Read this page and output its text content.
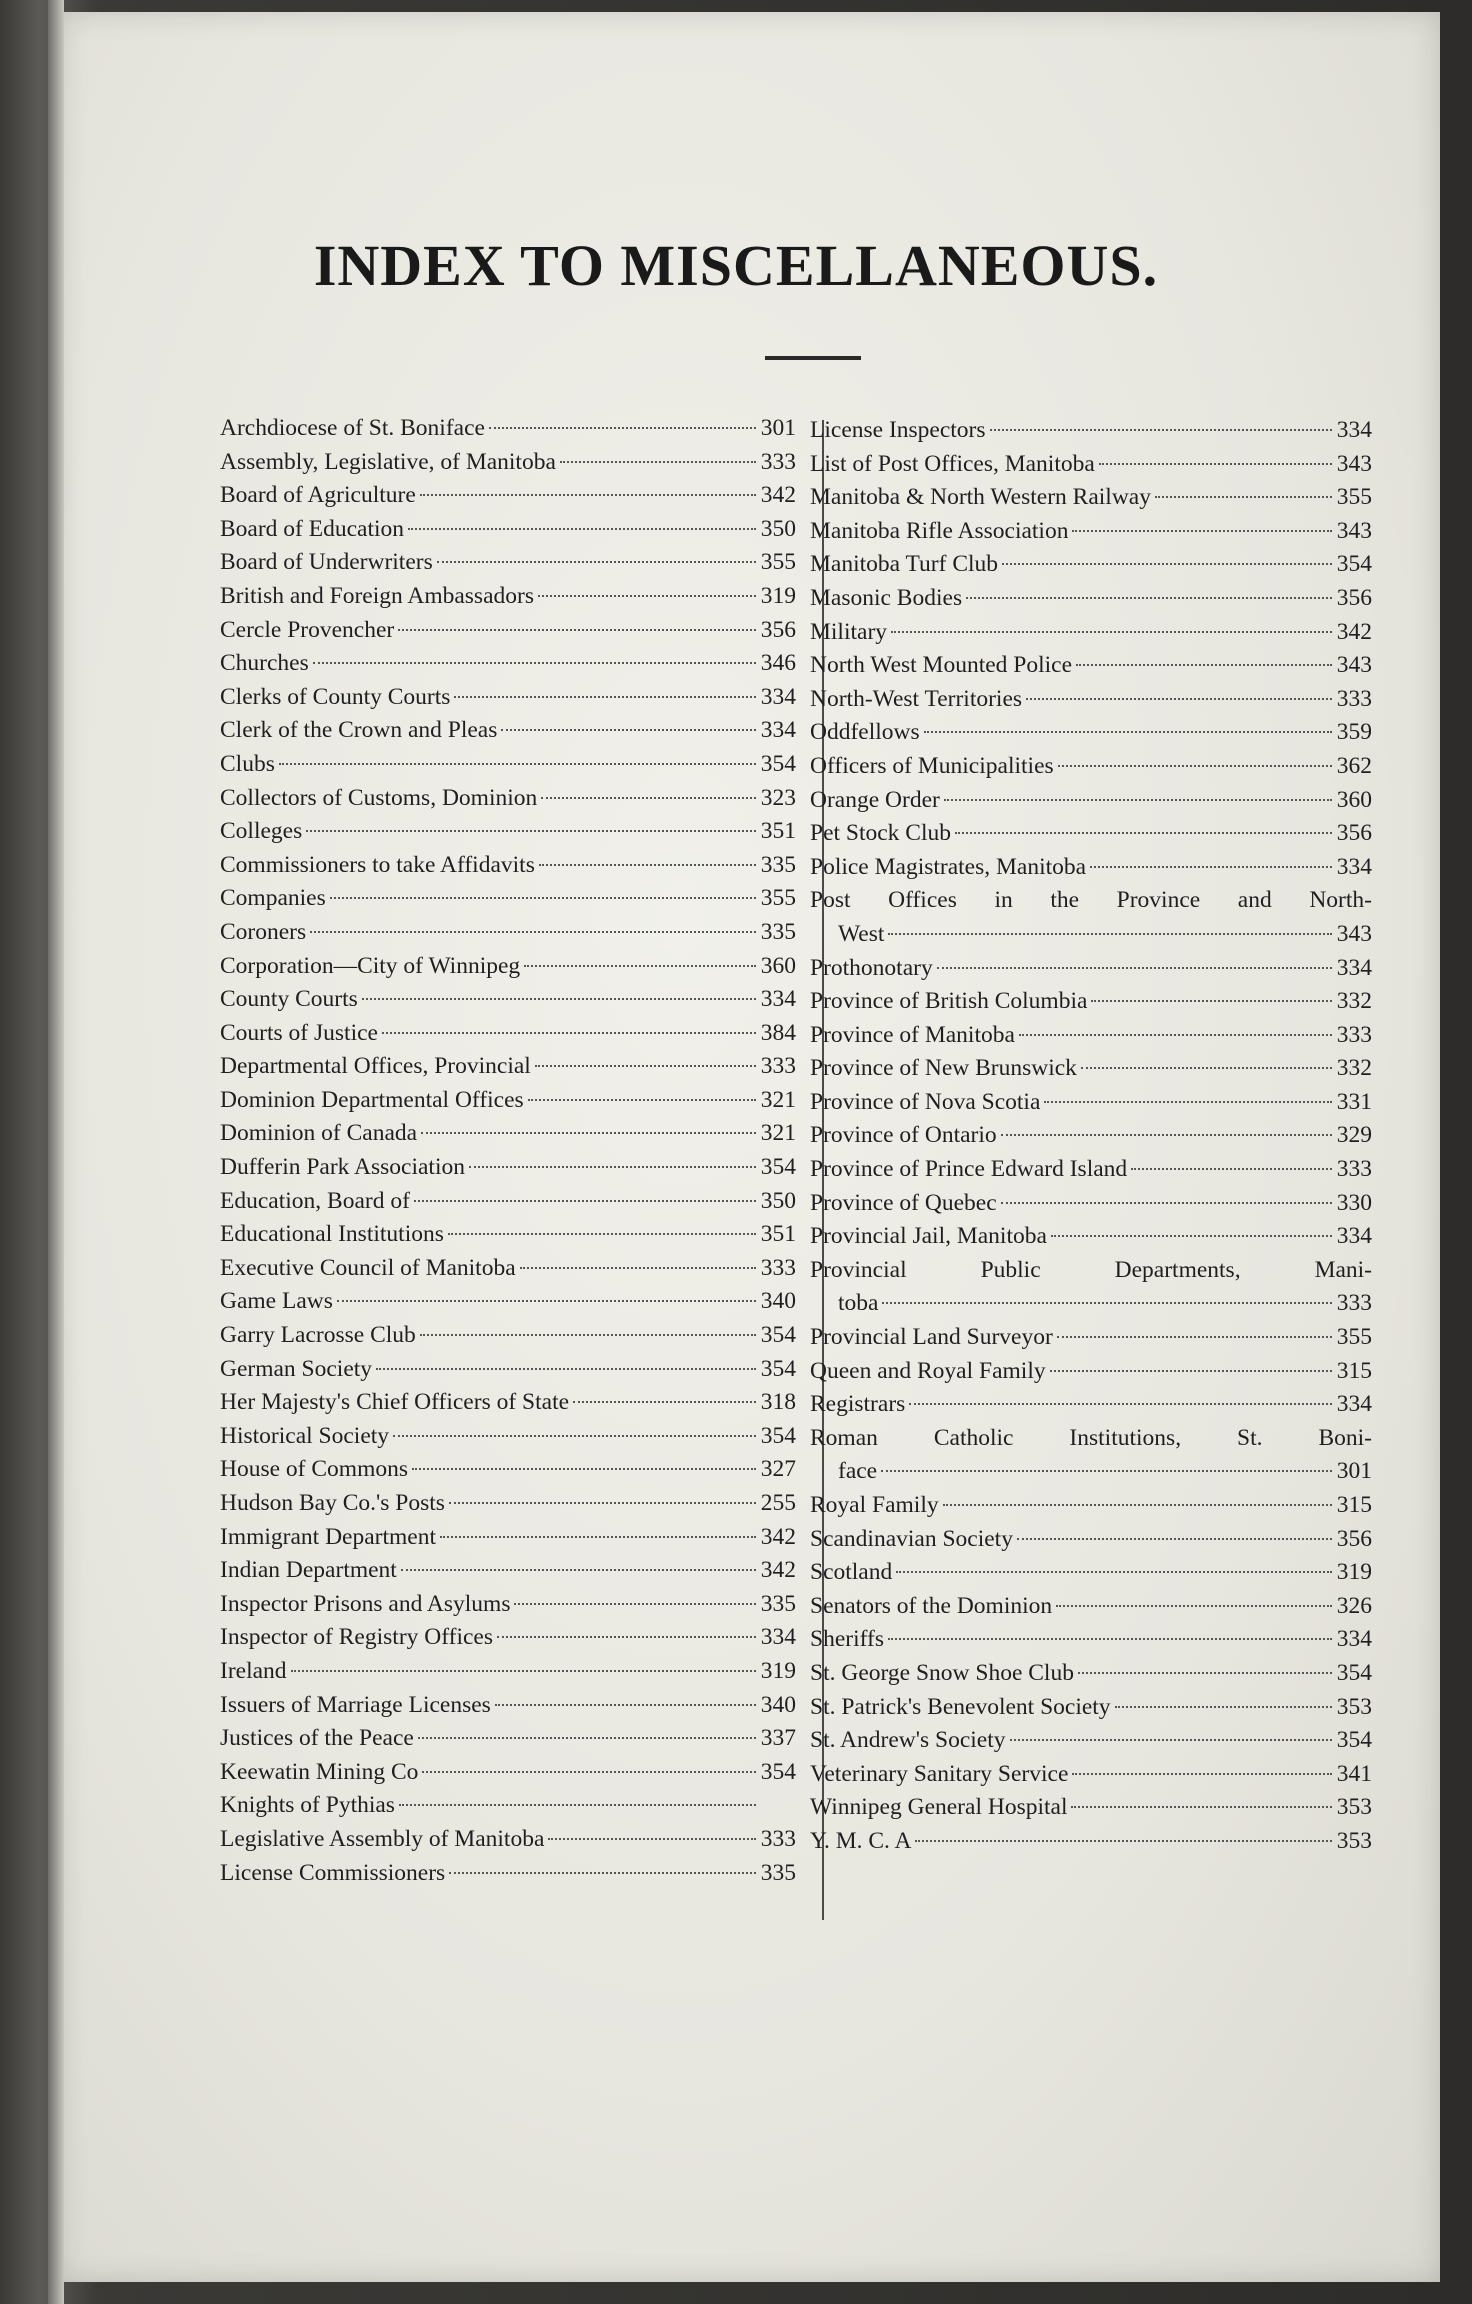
INDEX TO MISCELLANEOUS.
Archdiocese of St. Boniface	301
Assembly, Legislative, of Manitoba	333
Board of Agriculture	342
Board of Education	350
Board of Underwriters	355
British and Foreign Ambassadors	319
Cercle Provencher	356
Churches	346
Clerks of County Courts	334
Clerk of the Crown and Pleas	334
Clubs	354
Collectors of Customs, Dominion	323
Colleges	351
Commissioners to take Affidavits	335
Companies	355
Coroners	335
Corporation—City of Winnipeg	360
County Courts	334
Courts of Justice	384
Departmental Offices, Provincial	333
Dominion Departmental Offices	321
Dominion of Canada	321
Dufferin Park Association	354
Education, Board of	350
Educational Institutions	351
Executive Council of Manitoba	333
Game Laws	340
Garry Lacrosse Club	354
German Society	354
Her Majesty's Chief Officers of State	318
Historical Society	354
House of Commons	327
Hudson Bay Co.'s Posts	255
Immigrant Department	342
Indian Department	342
Inspector Prisons and Asylums	335
Inspector of Registry Offices	334
Ireland	319
Issuers of Marriage Licenses	340
Justices of the Peace	337
Keewatin Mining Co	354
Knights of Pythias
Legislative Assembly of Manitoba	333
License Commissioners	335
License Inspectors	334
List of Post Offices, Manitoba	343
Manitoba & North Western Railway	355
Manitoba Rifle Association	343
Manitoba Turf Club	354
Masonic Bodies	356
Military	342
North West Mounted Police	343
North-West Territories	333
Oddfellows	359
Officers of Municipalities	362
Orange Order	360
Pet Stock Club	356
Police Magistrates, Manitoba	334
Post Offices in the Province and North-
West	343
Prothonotary	334
Province of British Columbia	332
Province of Manitoba	333
Province of New Brunswick	332
Province of Nova Scotia	331
Province of Ontario	329
Province of Prince Edward Island	333
Province of Quebec	330
Provincial Jail, Manitoba	334
Provincial Public Departments, Mani-
toba	333
Provincial Land Surveyor	355
Queen and Royal Family	315
Registrars	334
Roman Catholic Institutions, St. Boni-
face	301
Royal Family	315
Scandinavian Society	356
Scotland	319
Senators of the Dominion	326
Sheriffs	334
St. George Snow Shoe Club	354
St. Patrick's Benevolent Society	353
St. Andrew's Society	354
Veterinary Sanitary Service	341
Winnipeg General Hospital	353
Y. M. C. A	353
